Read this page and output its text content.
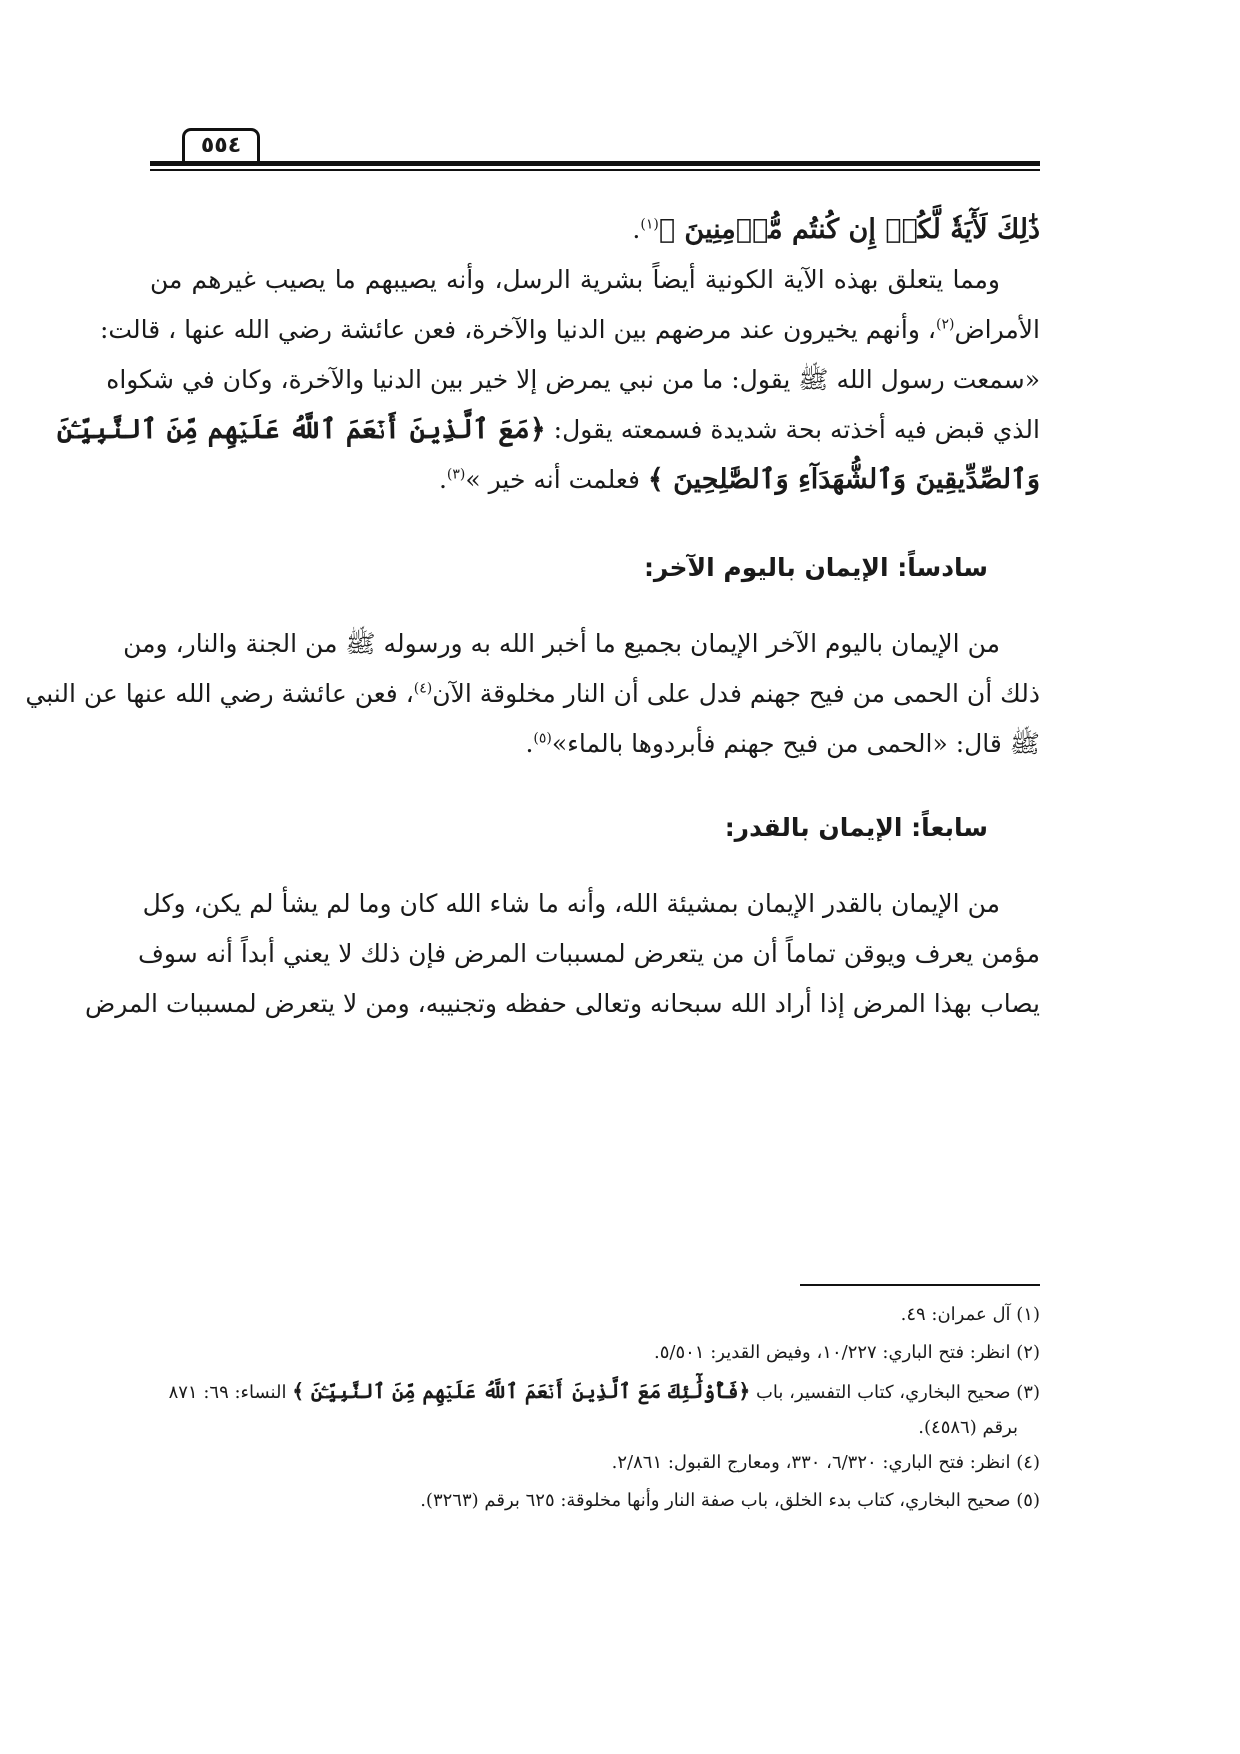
٥٥٤
ذَٰلِكَ لَأٓيَةٗ لَّكُمۡ إِن كُنتُم مُّؤۡمِنِينَ ﴾$^{(١)}$.
ومما يتعلق بهذه الآية الكونية أيضاً بشرية الرسل، وأنه يصيبهم ما يصيب غيرهم من
الأمراض$^{(٢)}$، وأنهم يخيرون عند مرضهم بين الدنيا والآخرة، فعن عائشة رضي الله عنها ، قالت:
«سمعت رسول الله ﷺ يقول: ما من نبي يمرض إلا خير بين الدنيا والآخرة، وكان في شكواه
الذي قبض فيه أخذته بحة شديدة فسمعته يقول: ﴿مَعَ ٱلَّذِينَ أَنۡعَمَ ٱللَّهُ عَلَيۡهِم مِّنَ ٱلنَّبِيِّـۧنَ
وَٱلصِّدِّيقِينَ وَٱلشُّهَدَآءِ وَٱلصَّٰلِحِينَ ﴾ فعلمت أنه خير »$^{(٣)}$.
سادساً: الإيمان باليوم الآخر:
من الإيمان باليوم الآخر الإيمان بجميع ما أخبر الله به ورسوله ﷺ من الجنة والنار، ومن
ذلك أن الحمى من فيح جهنم فدل على أن النار مخلوقة الآن$^{(٤)}$، فعن عائشة رضي الله عنها عن النبي
ﷺ قال: «الحمى من فيح جهنم فأبردوها بالماء»$^{(٥)}$.
سابعاً: الإيمان بالقدر:
من الإيمان بالقدر الإيمان بمشيئة الله، وأنه ما شاء الله كان وما لم يشأ لم يكن، وكل
مؤمن يعرف ويوقن تماماً أن من يتعرض لمسببات المرض فإن ذلك لا يعني أبداً أنه سوف
يصاب بهذا المرض إذا أراد الله سبحانه وتعالى حفظه وتجنيبه، ومن لا يتعرض لمسببات المرض
(١) آل عمران: ٤٩.
(٢) انظر: فتح الباري: ١٠/٢٢٧، وفيض القدير: ٥/٥٠١.
(٣) صحيح البخاري، كتاب التفسير، باب ﴿فَأُوْلَٰٓئِكَ مَعَ ٱلَّذِينَ أَنۡعَمَ ٱللَّهُ عَلَيۡهِم مِّنَ ٱلنَّبِيِّـۧنَ ﴾ النساء: ٦٩: ٨٧١
برقم (٤٥٨٦).
(٤) انظر: فتح الباري: ٦/٣٢٠، ٣٣٠، ومعارج القبول: ٢/٨٦١.
(٥) صحيح البخاري، كتاب بدء الخلق، باب صفة النار وأنها مخلوقة: ٦٢٥ برقم (٣٢٦٣).
